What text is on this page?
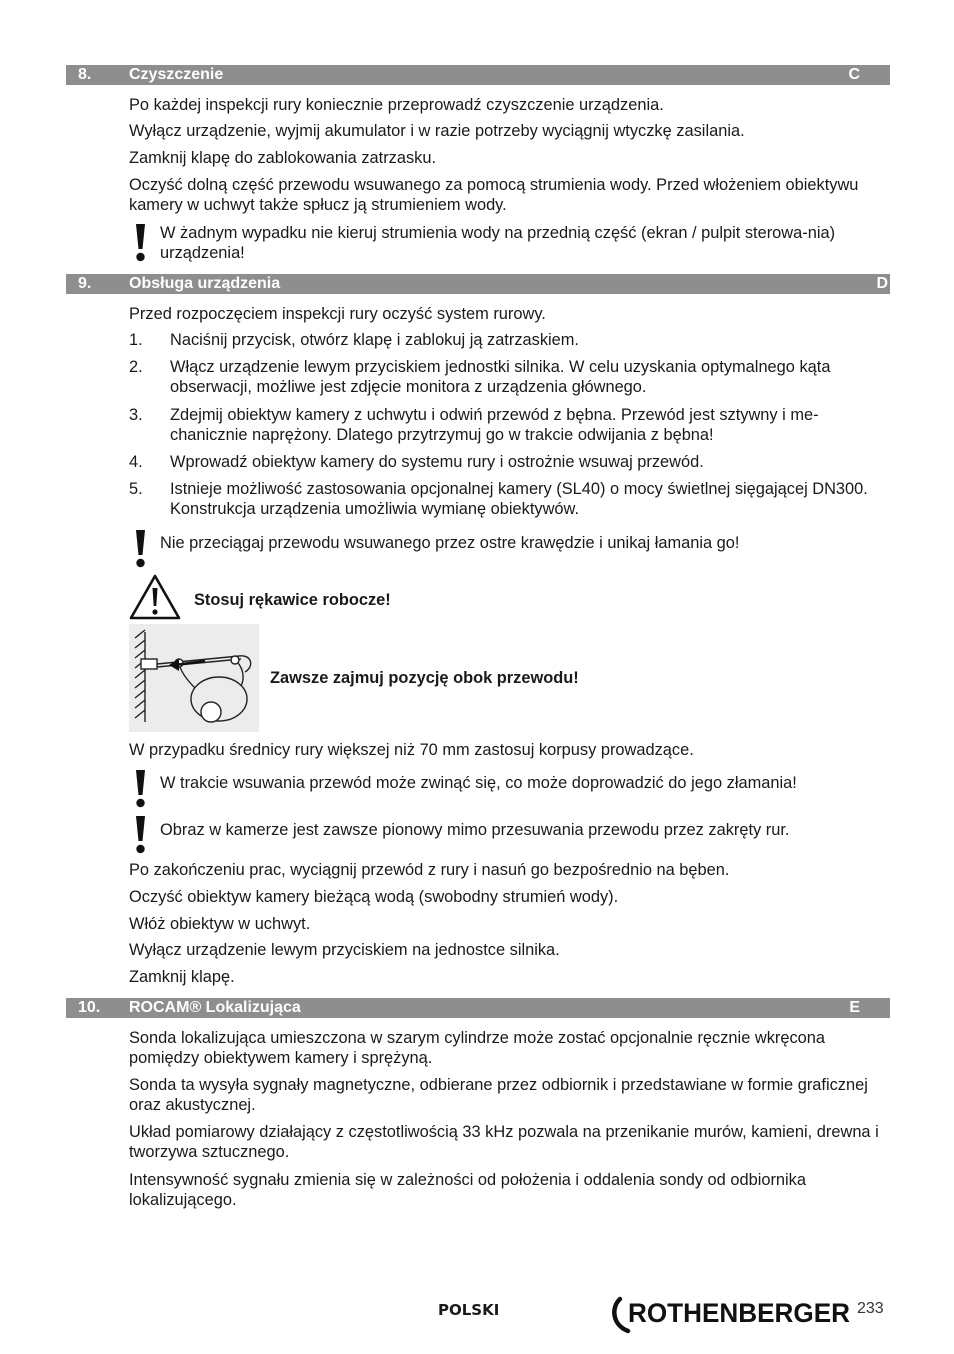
8. Czyszczenie	C
Po każdej inspekcji rury koniecznie przeprowadź czyszczenie urządzenia.
Wyłącz urządzenie, wyjmij akumulator i w razie potrzeby wyciągnij wtyczkę zasilania.
Zamknij klapę do zablokowania zatrzasku.
Oczyść dolną część przewodu wsuwanego za pomocą strumienia wody. Przed włożeniem obiektywu kamery w uchwyt także spłucz ją strumieniem wody.
W żadnym wypadku nie kieruj strumienia wody na przednią część (ekran / pulpit sterowa-nia) urządzenia!
9. Obsługa urządzenia	D
Przed rozpoczęciem inspekcji rury oczyść system rurowy.
1. Naciśnij przycisk, otwórz klapę i zablokuj ją zatrzaskiem.
2. Włącz urządzenie lewym przyciskiem jednostki silnika. W celu uzyskania optymalnego kąta obserwacji, możliwe jest zdjęcie monitora z urządzenia głównego.
3. Zdejmij obiektyw kamery z uchwytu i odwiń przewód z bębna. Przewód jest sztywny i me-chanicznie naprężony. Dlatego przytrzymuj go w trakcie odwijania z bębna!
4. Wprowadź obiektyw kamery do systemu rury i ostrożnie wsuwaj przewód.
5. Istnieje możliwość zastosowania opcjonalnej kamery (SL40) o mocy świetlnej sięgającej DN300. Konstrukcja urządzenia umożliwia wymianę obiektywów.
Nie przeciągaj przewodu wsuwanego przez ostre krawędzie i unikaj łamania go!
Stosuj rękawice robocze!
Zawsze zajmuj pozycję obok przewodu!
W przypadku średnicy rury większej niż 70 mm zastosuj korpusy prowadzące.
W trakcie wsuwania przewód może zwinąć się, co może doprowadzić do jego złamania!
Obraz w kamerze jest zawsze pionowy mimo przesuwania przewodu przez zakręty rur.
Po zakończeniu prac, wyciągnij przewód z rury i nasuń go bezpośrednio na bęben.
Oczyść obiektyw kamery bieżącą wodą (swobodny strumień wody).
Włóż obiektyw w uchwyt.
Wyłącz urządzenie lewym przyciskiem na jednostce silnika.
Zamknij klapę.
10. ROCAM® Lokalizująca	E
Sonda lokalizująca umieszczona w szarym cylindrze może zostać opcjonalnie ręcznie wkręcona pomiędzy obiektywem kamery i sprężyną.
Sonda ta wysyła sygnały magnetyczne, odbierane przez odbiornik i przedstawiane w formie graficznej oraz akustycznej.
Układ pomiarowy działający z częstotliwością 33 kHz pozwala na przenikanie murów, kamieni, drewna i tworzywa sztucznego.
Intensywność sygnału zmienia się w zależności od położenia i oddalenia sondy od odbiornika lokalizującego.
POLSKI	ROTHENBERGER 233
